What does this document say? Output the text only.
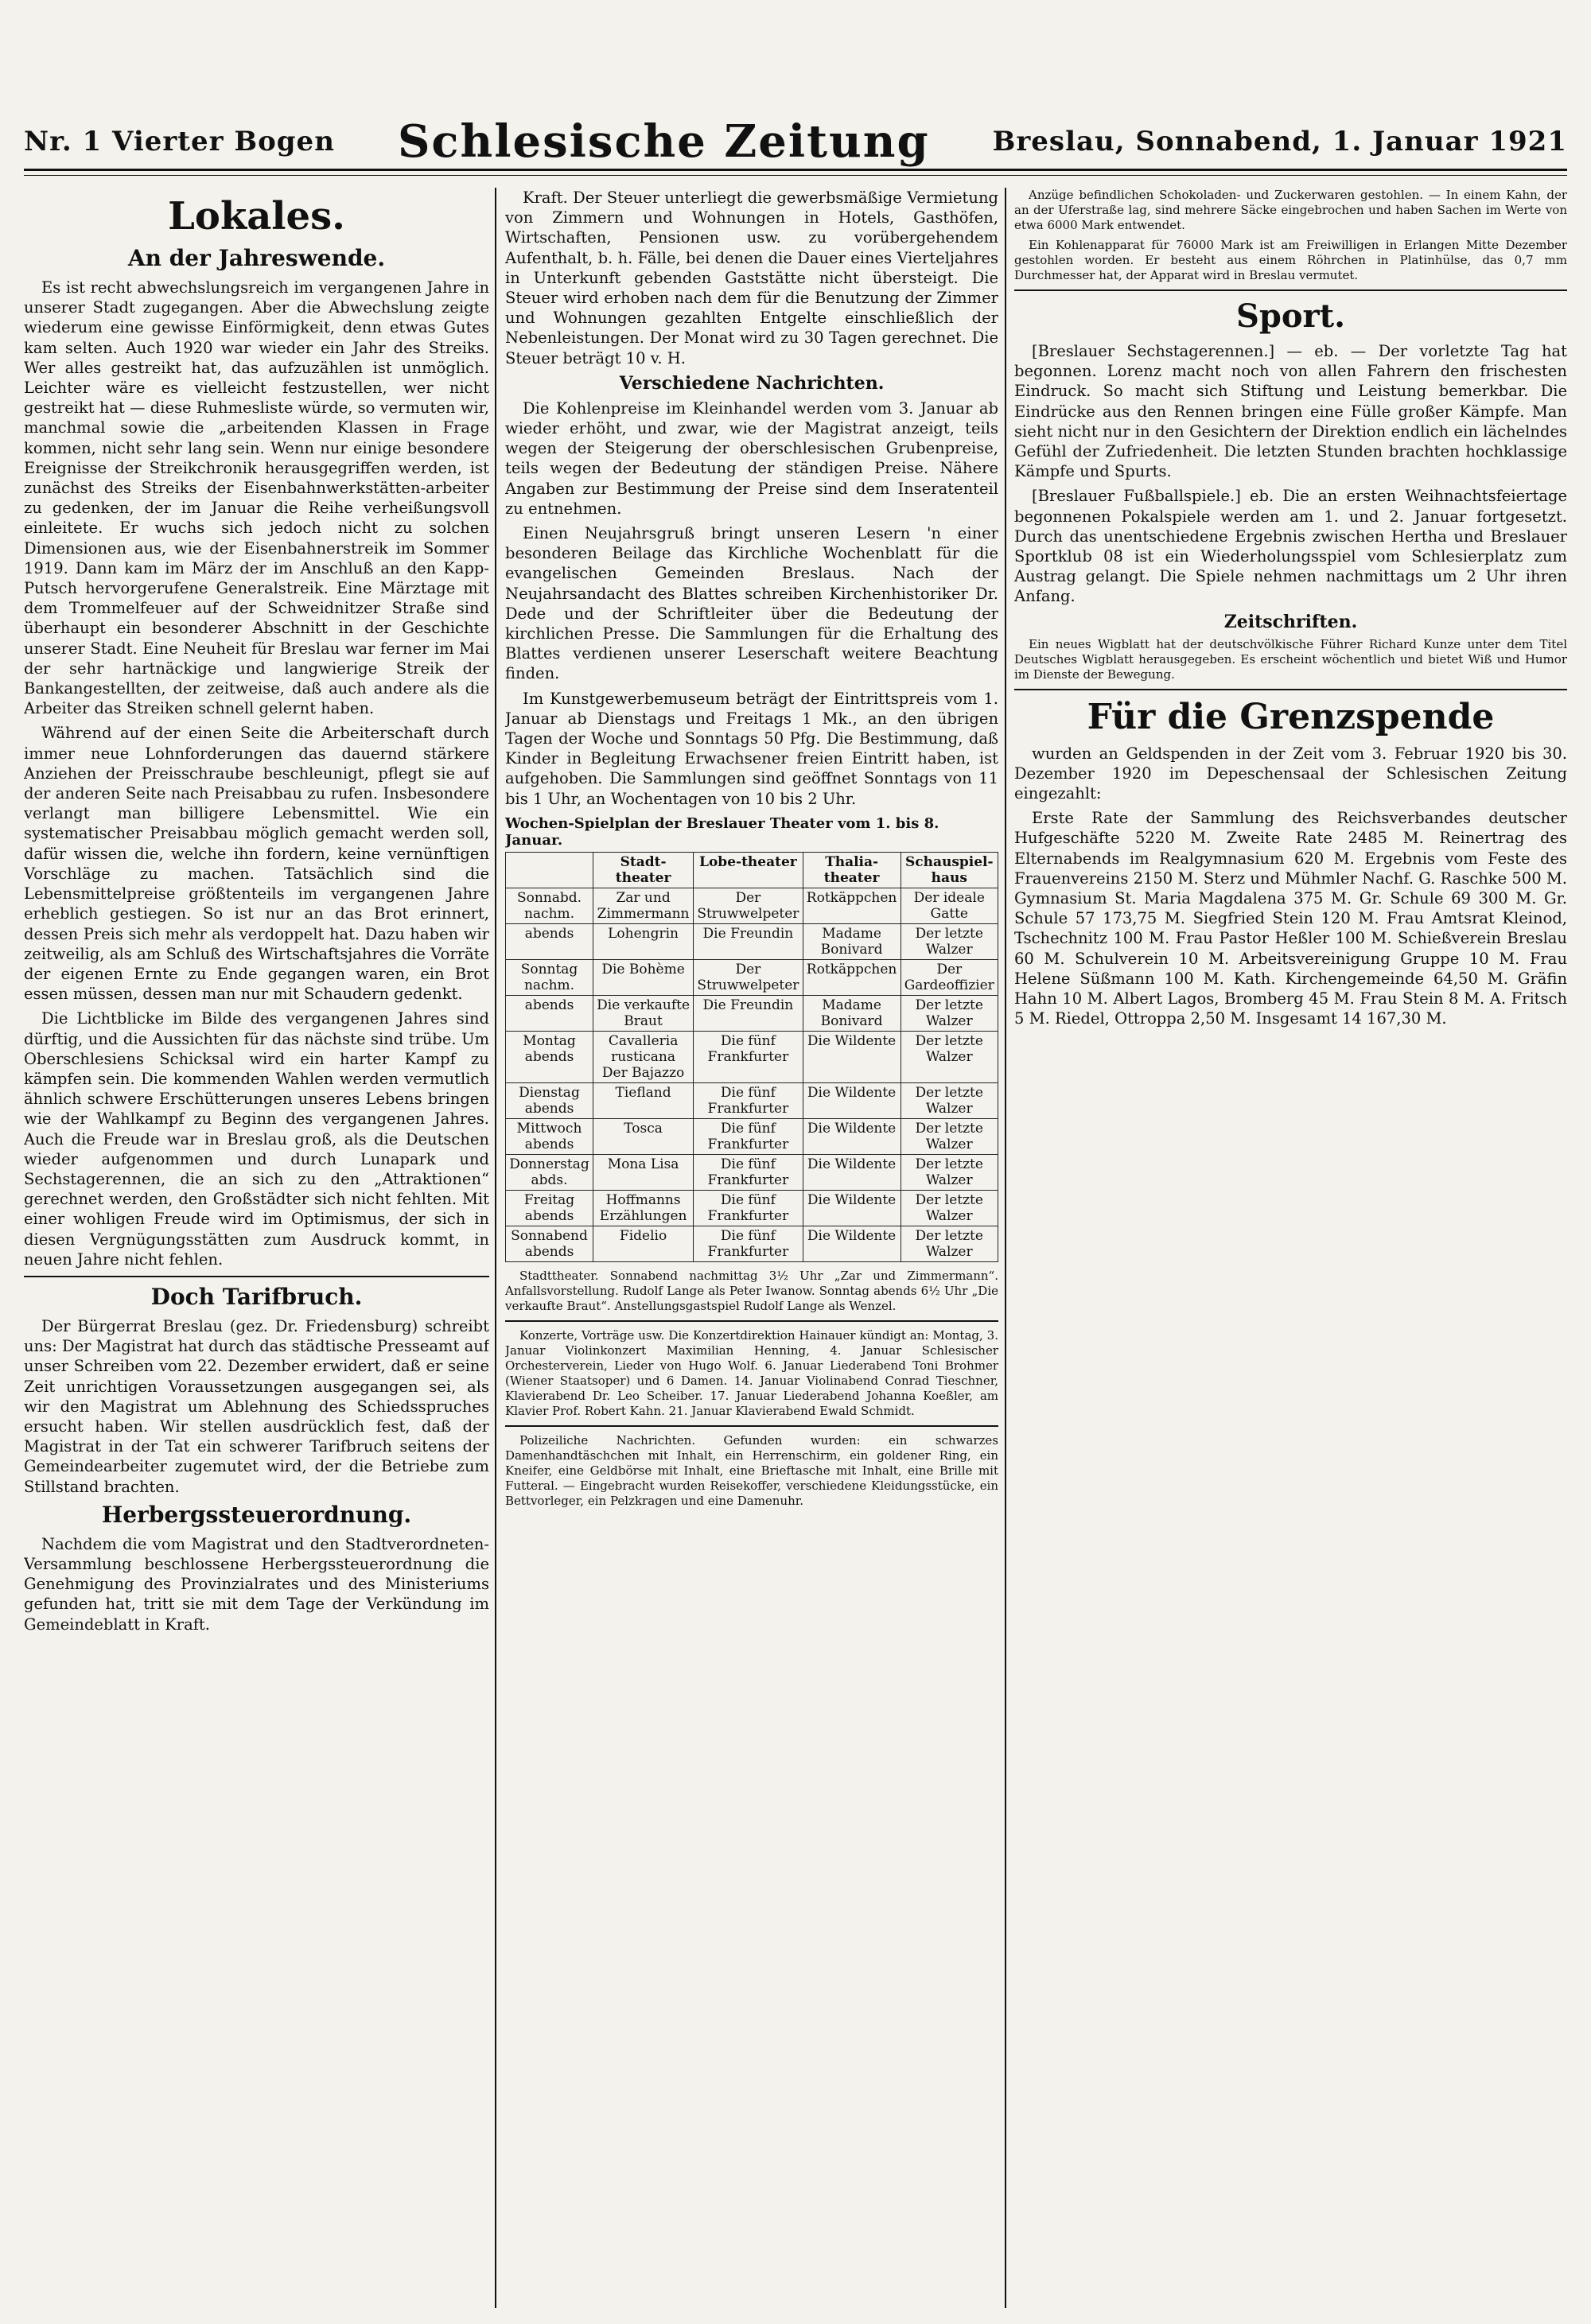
Nr. 1 Vierter Bogen Schlesische Zeitung Breslau, Sonnabend, 1. Januar 1921
Lokales.
An der Jahreswende.

Es ist recht abwechslungsreich im vergangenen Jahre in unserer Stadt zugegangen. Aber die Abwechslung zeigte wiederum eine gewisse Einförmigkeit, denn etwas Gutes kam selten. Auch 1920 war wieder ein Jahr des Streiks. Wer alles gestreikt hat, das aufzuzählen ist unmöglich. Leichter wäre es vielleicht festzustellen, wer nicht gestreikt hat — diese Ruhmesliste würde, so vermuten wir, manchmal sowie die „arbeitenden Klassen in Frage kommen, nicht sehr lang sein. Wenn nur einige besondere Ereignisse der Streikchronik herausgegriffen werden, ist zunächst des Streiks der Eisenbahnwerkstätten-arbeiter zu gedenken, der im Januar die Reihe verheißungsvoll einleitete. Er wuchs sich jedoch nicht zu solchen Dimensionen aus, wie der Eisenbahnerstreik im Sommer 1919. Dann kam im März der im Anschluß an den Kapp-Putsch hervorgerufene Generalstreik. Eine Märztage mit dem Trommelfeuer auf der Schweidnitzer Straße sind überhaupt ein besonderer Abschnitt in der Geschichte unserer Stadt. Eine Neuheit für Breslau war ferner im Mai der sehr hartnäckige und langwierige Streik der Bankangestellten, der zeitweise, daß auch andere als die Arbeiter das Streiken schnell gelernt haben.

Während auf der einen Seite die Arbeiterschaft durch immer neue Lohnforderungen das dauernd stärkere Anziehen der Preisschraube beschleunigt, pflegt sie auf der anderen Seite nach Preisabbau zu rufen. Insbesondere verlangt man billigere Lebensmittel. Wie ein systematischer Preisabbau möglich gemacht werden soll, dafür wissen die, welche ihn fordern, keine vernünftigen Vorschläge zu machen. Tatsächlich sind die Lebensmittelpreise größtenteils im vergangenen Jahre erheblich gestiegen. So ist nur an das Brot erinnert, dessen Preis sich mehr als verdoppelt hat. Dazu haben wir zeitweilig, als am Schluß des Wirtschaftsjahres die Vorräte der eigenen Ernte zu Ende gegangen waren, ein Brot essen müssen, dessen man nur mit Schaudern gedenkt.

Die Lichtblicke im Bilde des vergangenen Jahres sind dürftig, und die Aussichten für das nächste sind trübe. Um Oberschlesiens Schicksal wird ein harter Kampf zu kämpfen sein. Die kommenden Wahlen werden vermutlich ähnlich schwere Erschütterungen unseres Lebens bringen wie der Wahlkampf zu Beginn des vergangenen Jahres. Auch die Freude war in Breslau groß, als die Deutschen wieder aufgenommen und durch Lunapark und Sechstagerennen, die an sich zu den „Attraktionen“ gerechnet werden, den Großstädter sich nicht fehlten. Mit einer wohligen Freude wird im Optimismus, der sich in diesen Vergnügungsstätten zum Ausdruck kommt, in neuen Jahre nicht fehlen.

Doch Tarifbruch.

Der Bürgerrat Breslau (gez. Dr. Friedensburg) schreibt uns: Der Magistrat hat durch das städtische Presseamt auf unser Schreiben vom 22. Dezember erwidert, daß er seine Zeit unrichtigen Voraussetzungen ausgegangen sei, als wir den Magistrat um Ablehnung des Schiedsspruches ersucht haben. Wir stellen ausdrücklich fest, daß der Magistrat in der Tat ein schwerer Tarifbruch seitens der Gemeindearbeiter zugemutet wird, der die Betriebe zum Stillstand brachten.

Herbergssteuerordnung.

Nachdem die vom Magistrat und den Stadtverordneten-Versammlung beschlossene Herbergssteuerordnung die Genehmigung des Provinzialrates und des Ministeriums gefunden hat, tritt sie mit dem Tage der Verkündung im Gemeindeblatt in Kraft.

Kraft. Der Steuer unterliegt die gewerbsmäßige Vermietung von Zimmern und Wohnungen in Hotels, Gasthöfen, Wirtschaften, Pensionen usw. zu vorübergehendem Aufenthalt, b. h. Fälle, bei denen die Dauer eines Vierteljahres in Unterkunft gebenden Gaststätte nicht übersteigt. Die Steuer wird erhoben nach dem für die Benutzung der Zimmer und Wohnungen gezahlten Entgelte einschließlich der Nebenleistungen. Der Monat wird zu 30 Tagen gerechnet. Die Steuer beträgt 10 v. H.

Verschiedene Nachrichten.

Die Kohlenpreise im Kleinhandel werden vom 3. Januar ab wieder erhöht, und zwar, wie der Magistrat anzeigt, teils wegen der Steigerung der oberschlesischen Grubenpreise, teils wegen der Bedeutung der ständigen Preise. Nähere Angaben zur Bestimmung der Preise sind dem Inseratenteil zu entnehmen.

Einen Neujahrsgruß bringt unseren Lesern 'n einer besonderen Beilage das Kirchliche Wochenblatt für die evangelischen Gemeinden Breslaus. Nach der Neujahrsandacht des Blattes schreiben Kirchenhistoriker Dr. Dede und der Schriftleiter über die Bedeutung der kirchlichen Presse. Die Sammlungen für die Erhaltung des Blattes verdienen unserer Leserschaft weitere Beachtung finden.

Im Kunstgewerbemuseum beträgt der Eintrittspreis vom 1. Januar ab Dienstags und Freitags 1 Mk., an den übrigen Tagen der Woche und Sonntags 50 Pfg. Die Bestimmung, daß Kinder in Begleitung Erwachsener freien Eintritt haben, ist aufgehoben. Die Sammlungen sind geöffnet Sonntags von 11 bis 1 Uhr, an Wochentagen von 10 bis 2 Uhr.

Wochen-Spielplan der Breslauer Theater vom 1. bis 8. Januar.
	Stadt-theater	Lobe-theater	Thalia-theater	Schauspiel-haus
Sonnabd. nachm.	Zar und Zimmermann	Der Struwwelpeter	Rotkäppchen	Der ideale Gatte
abends	Lohengrin	Die Freundin	Madame Bonivard	Der letzte Walzer
Sonntag nachm.	Die Bohème	Der Struwwelpeter	Rotkäppchen	Der Gardeoffizier
abends	Die verkaufte Braut	Die Freundin	Madame Bonivard	Der letzte Walzer
Montag abends	Cavalleria rusticana Der Bajazzo	Die fünf Frankfurter	Die Wildente	Der letzte Walzer
Dienstag abends	Tiefland	Die fünf Frankfurter	Die Wildente	Der letzte Walzer
Mittwoch abends	Tosca	Die fünf Frankfurter	Die Wildente	Der letzte Walzer
Donnerstag abds.	Mona Lisa	Die fünf Frankfurter	Die Wildente	Der letzte Walzer
Freitag abends	Hoffmanns Erzählungen	Die fünf Frankfurter	Die Wildente	Der letzte Walzer
Sonnabend abends	Fidelio	Die fünf Frankfurter	Die Wildente	Der letzte Walzer

Stadttheater. Sonnabend nachmittag 3½ Uhr „Zar und Zimmermann“. Anfallsvorstellung. Rudolf Lange als Peter Iwanow. Sonntag abends 6½ Uhr „Die verkaufte Braut“. Anstellungsgastspiel Rudolf Lange als Wenzel.

Konzerte, Vorträge usw. Die Konzertdirektion Hainauer kündigt an: Montag, 3. Januar Violinkonzert Maximilian Henning, 4. Januar Schlesischer Orchesterverein, Lieder von Hugo Wolf. 6. Januar Liederabend Toni Brohmer (Wiener Staatsoper) und 6 Damen. 14. Januar Violinabend Conrad Tieschner, Klavierabend Dr. Leo Scheiber. 17. Januar Liederabend Johanna Koeßler, am Klavier Prof. Robert Kahn. 21. Januar Klavierabend Ewald Schmidt.

Polizeiliche Nachrichten. Gefunden wurden: ein schwarzes Damenhandtäschchen mit Inhalt, ein Herrenschirm, ein goldener Ring, ein Kneifer, eine Geldbörse mit Inhalt, eine Brieftasche mit Inhalt, eine Brille mit Futteral. — Eingebracht wurden Reisekoffer, verschiedene Kleidungsstücke, ein Bettvorleger, ein Pelzkragen und eine Damenuhr.

Anzüge befindlichen Schokoladen- und Zuckerwaren gestohlen. — In einem Kahn, der an der Uferstraße lag, sind mehrere Säcke eingebrochen und haben Sachen im Werte von etwa 6000 Mark entwendet.

Ein Kohlenapparat für 76000 Mark ist am Freiwilligen in Erlangen Mitte Dezember gestohlen worden. Er besteht aus einem Röhrchen in Platinhülse, das 0,7 mm Durchmesser hat, der Apparat wird in Breslau vermutet.

Sport.

[Breslauer Sechstagerennen.] — eb. — Der vorletzte Tag hat begonnen. Lorenz macht noch von allen Fahrern den frischesten Eindruck. So macht sich Stiftung und Leistung bemerkbar. Die Eindrücke aus den Rennen bringen eine Fülle großer Kämpfe. Man sieht nicht nur in den Gesichtern der Direktion endlich ein lächelndes Gefühl der Zufriedenheit. Die letzten Stunden brachten hochklassige Kämpfe und Spurts.

[Breslauer Fußballspiele.] eb. Die an ersten Weihnachtsfeiertage begonnenen Pokalspiele werden am 1. und 2. Januar fortgesetzt. Durch das unentschiedene Ergebnis zwischen Hertha und Breslauer Sportklub 08 ist ein Wiederholungsspiel vom Schlesierplatz zum Austrag gelangt. Die Spiele nehmen nachmittags um 2 Uhr ihren Anfang.

Zeitschriften.

Ein neues Wigblatt hat der deutschvölkische Führer Richard Kunze unter dem Titel Deutsches Wigblatt herausgegeben. Es erscheint wöchentlich und bietet Wiß und Humor im Dienste der Bewegung.

Für die Grenzspende

wurden an Geldspenden in der Zeit vom 3. Februar 1920 bis 30. Dezember 1920 im Depeschensaal der Schlesischen Zeitung eingezahlt:

Erste Rate der Sammlung des Reichsverbandes deutscher Hufgeschäfte 5220 M. Zweite Rate 2485 M. Reinertrag des Elternabends im Realgymnasium 620 M. Ergebnis vom Feste des Frauenvereins 2150 M. Sterz und Mühmler Nachf. G. Raschke 500 M. Gymnasium St. Maria Magdalena 375 M. Gr. Schule 69 300 M. Gr. Schule 57 173,75 M. Siegfried Stein 120 M. Frau Amtsrat Kleinod, Tschechnitz 100 M. Frau Pastor Heßler 100 M. Schießverein Breslau 60 M. Schulverein 10 M. Arbeitsvereinigung Gruppe 10 M. Frau Helene Süßmann 100 M. Kath. Kirchengemeinde 64,50 M. Gräfin Hahn 10 M. Albert Lagos, Bromberg 45 M. Frau Stein 8 M. A. Fritsch 5 M. Riedel, Ottroppa 2,50 M. Insgesamt 14 167,30 M.
